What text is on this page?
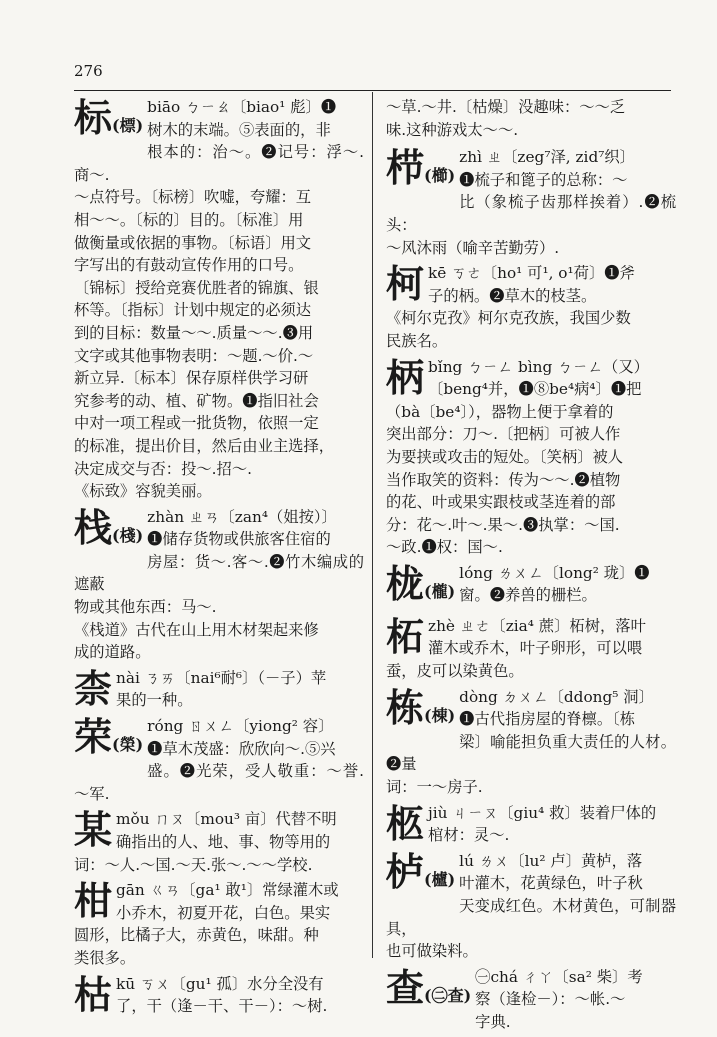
276
标(標)
biāo ㄅㄧㄠ〔biao¹ 彪〕❶
树木的末端。⑤表面的，非
根本的：治～。❷记号：浮～.商～.
～点符号。〔标榜〕吹嘘，夸耀：互
相～～。〔标的〕目的。〔标准〕用
做衡量或依据的事物。〔标语〕用文
字写出的有鼓动宣传作用的口号。
〔锦标〕授给竞赛优胜者的锦旗、银
杯等。〔指标〕计划中规定的必须达
到的目标：数量～～.质量～～.❸用
文字或其他事物表明：～题.～价.～
新立异.〔标本〕保存原样供学习研
究参考的动、植、矿物。❶指旧社会
中对一项工程或一批货物，依照一定
的标准，提出价目，然后由业主选择，
决定成交与否：投～.招～.
《标致》容貌美丽。
栈(棧)
zhàn ㄓㄢ〔zan⁴（姐按）〕
❶储存货物或供旅客住宿的
房屋：货～.客～.❷竹木编成的遮蔽
物或其他东西：马～.
《栈道》古代在山上用木材架起来修
成的道路。
柰 nài ㄋㄞ〔nai⁶耐⁶〕（－子）苹
果的一种。
荣(榮)
róng ㄖㄨㄥ〔yiong² 容〕
❶草木茂盛：欣欣向～.⑤兴
盛。❷光荣，受人敬重：～誉.～军.
某 mǒu ㄇㄡ〔mou³ 亩〕代替不明
确指出的人、地、事、物等用的
词：～人.～国.～天.张～.～～学校.
柑 gān ㄍㄢ〔ga¹ 敢¹〕常绿灌木或
小乔木，初夏开花，白色。果实
圆形，比橘子大，赤黄色，味甜。种
类很多。
枯 kū ㄎㄨ〔gu¹ 孤〕水分全没有
了，干（逢－干、干－）：～树.
～草.～井.〔枯燥〕没趣味：～～乏
味.这种游戏太～～.
栉(櫛)
zhì ㄓ〔zeg⁷泽, zid⁷织〕
❶梳子和篦子的总称：～
比（象梳子齿那样挨着）.❷梳头：
～风沐雨（喻辛苦勤劳）.
柯 kē ㄎㄜ〔ho¹ 可¹, o¹荷〕❶斧
子的柄。❷草木的枝茎。
《柯尔克孜》柯尔克孜族，我国少数
民族名。
柄 bǐng ㄅㄧㄥ bìng ㄅㄧㄥ（又）
〔beng⁴并，❶⑧be⁴病⁴〕❶把
（bà〔be⁴〕），器物上便于拿着的
突出部分：刀～.〔把柄〕可被人作
为要挟或攻击的短处。〔笑柄〕被人
当作取笑的资料：传为～～.❷植物
的花、叶或果实跟枝或茎连着的部
分：花～.叶～.果～.❸执掌：～国.
～政.❶权：国～.
栊(櫳)
lóng ㄌㄨㄥ〔long² 珑〕❶
窗。❷养兽的栅栏。
柘 zhè ㄓㄜ〔zia⁴ 蔗〕柘树，落叶
灌木或乔木，叶子卵形，可以喂
蚕，皮可以染黄色。
栋(棟)
dòng ㄉㄨㄥ〔ddong⁵ 洞〕
❶古代指房屋的脊檩。〔栋
梁〕喻能担负重大责任的人材。❷量
词：一～房子.
柩 jiù ㄐㄧㄡ〔giu⁴ 救〕装着尸体的
棺材：灵～.
栌(櫨)
lú ㄌㄨ〔lu² 卢〕黄栌，落
叶灌木，花黄绿色，叶子秋
天变成红色。木材黄色，可制器具，
也可做染料。
查(㊁查)
㊀chá ㄔㄚ〔sa² 柴〕考
察（逢检－）：～帐.～
字典.
